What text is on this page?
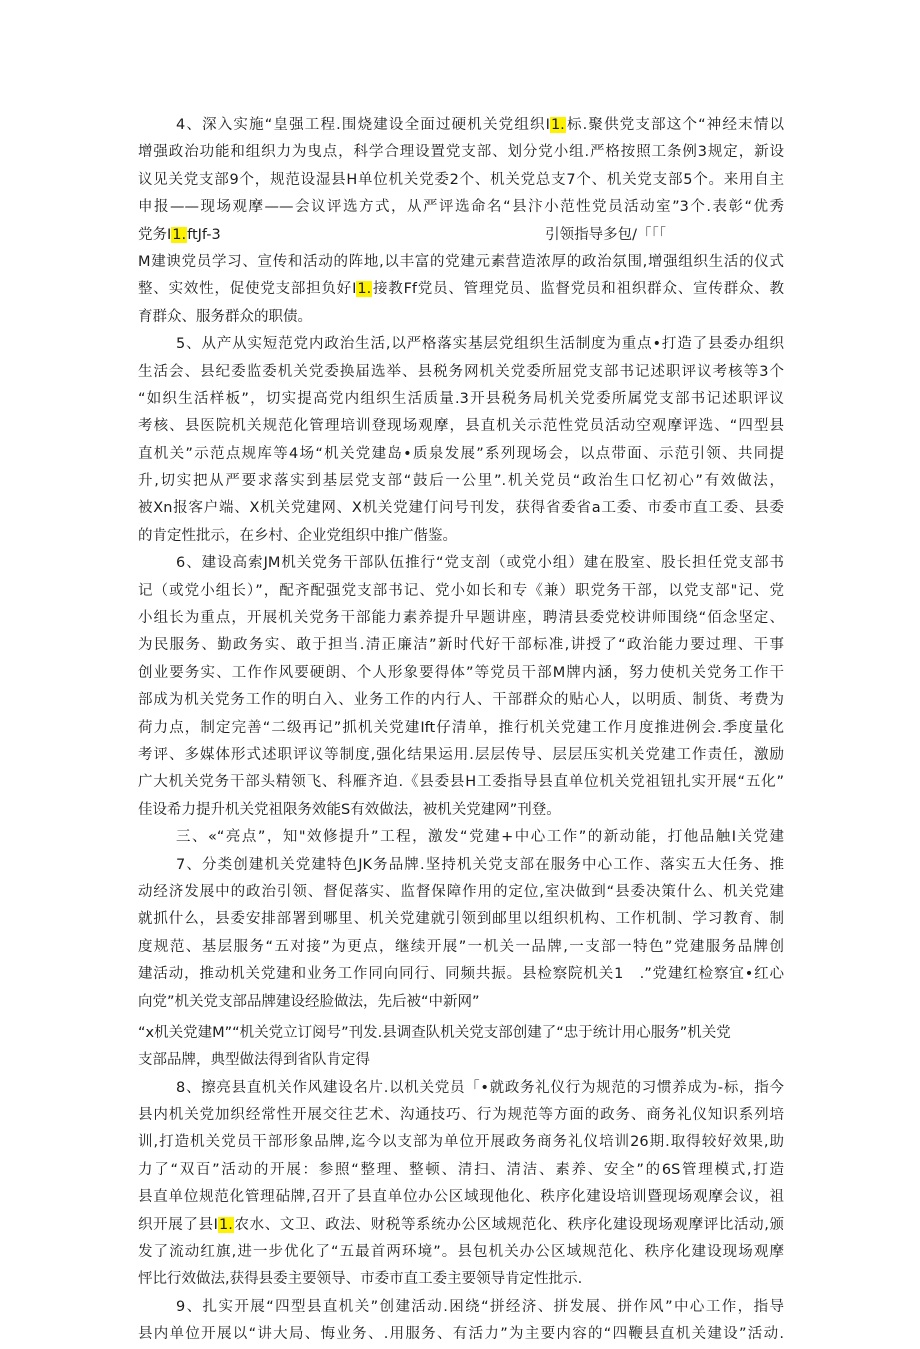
4、深入实施“皇强工程.围烧建设全面过硬机关党组织I1.标.聚供党支部这个“神经末情以
增强政治功能和组织力为曳点，科学合理设置党支部、划分党小组.严格按照工条例3规定，新设
议见关党支部9个，规范设湿县H单位机关党委2个、机关党总支7个、机关党支部5个。来用自主
申报——现场观摩——会议评选方式，从严评选命名“县汴小范性党员活动室”3个.表彰“优秀
党务I1.ftJf-3	引领指导多包/「「「
M建谀党员学习、宣传和活动的阵地,以丰富的党建元素营造浓厚的政治氛围,增强组织生活的仪式
整、实效性，促使党支部担负好I1.接教Ff党员、管理党员、监督党员和祖织群众、宣传群众、教
育群众、服务群众的职债。
5、从产从实短范党内政治生活,以严格落实基层党组织生活制度为重点•打造了县委办组织
生活会、县纪委监委机关党委换届选举、县税务网机关党委所屈党支部书记述职评议考核等3个
“如织生活样板”，切实提高党内组织生活质量.3开县税务局机关党委所属党支部书记述职评议
考核、县医院机关规范化管理培训登现场观摩，县直机关示范性党员活动空观摩评选、“四型县
直机关”示范点规库等4场“机关党建岛•质泉发展”系列现场会，以点带面、示范引领、共同提
升,切实把从严要求落实到基层党支部“鼓后一公里”.机关党员“政治生口忆初心”有效做法，
被Xn报客户端、X机关党建网、X机关党建仃问号刊发，获得省委省a工委、市委市直工委、县委
的肯定性批示，在乡村、企业党组织中推广偕鉴。
6、建设高索JM机关党务干部队伍推行“党支剖（或党小组）建在股室、股长担任党支部书
记（或党小组长）”，配齐配强党支部书记、党小如长和专《兼）职党务干部，以党支部"记、党
小组长为重点，开展机关党务干部能力素养提升早题讲座，聘清县委党校讲师围绕“佰念坚定、
为民服务、勤政务实、敢于担当.清正廉洁”新时代好干部标准,讲授了“政治能力要过理、干事
创业要务实、工作作风要硬朗、个人形象要得体”等党员干部M牌内涵，努力使机关党务工作干
部成为机关党务工作的明白入、业务工作的内行人、干部群众的贴心人，以明质、制货、考费为
荷力点，制定完善“二级再记”抓机关党建Ift仔清单，推行机关党建工作月度推进例会.季度量化
考评、多媒体形式述职评议等制度,强化结果运用.层层传导、层层压实机关党建工作责任，激励
广大机关党务干部头精领飞、科雁齐迫.《县委县H工委指导县直单位机关党祖钮扎实开展“五化”
佳设希力提升机关党祖限务效能S有效做法，被机关党建网”刊登。
三、«“亮点”，知"效修提升”工程，激发“党建+中心工作”的新动能，打他品触I关党建
7、分类创建机关党建特色JK务品牌.坚持机关党支部在服务中心工作、落实五大任务、推
动经济发展中的政治引领、督促落实、监督保障作用的定位,室决做到“县委决策什么、机关党建
就抓什么，县委安排部署到哪里、机关党建就引领到邮里以组织机构、工作机制、学习教育、制
度规范、基层服务“五对接”为更点，继续开展”一机关一品牌,一支部一特色”党建服务品牌创
建活动，推动机关党建和业务工作同向同行、同频共振。县检察院机关1　.”党建红检察宜•红心
向党”机关党支部品牌建设经脸做法，先后被“中新网”
“x机关党建M”“机关党立订阅号”刊发.县调查队机关党支部创建了“忠于统计用心服务”机关党
支部品牌，典型做法得到省队肯定得
8、擦亮县直机关作风建设名片.以机关党员「•就政务礼仪行为规范的习惯养成为-标，指今
县内机关党加织经常性开展交往艺术、沟通技巧、行为规范等方面的政务、商务礼仪知识系列培
训,打造机关党员干部形象品牌,迄今以支部为单位开展政务商务礼仪培训26期.取得较好效果,助
力了“双百”活动的开展：参照“整理、整顿、清扫、清洁、素养、安全”的6S管理模式,打造
县直单位规范化管理砧牌,召开了县直单位办公区域现他化、秩序化建设培训暨现场观摩会议，祖
织开展了县I1.农水、文卫、政法、财税等系统办公区域规范化、秩序化建设现场观摩评比活动,颁
发了流动红旗,进一步优化了“五最首两环境”。县包机关办公区域规范化、秩序化建设现场观摩
怦比行效做法,获得县委主要领导、市委市直工委主要领导肯定性批示.
9、扎实开展“四型县直机关”创建活动.困绕“拼经济、拼发展、拼作风”中心工作，指导
县内单位开展以“讲大局、悔业务、.用服务、有活力”为主要内容的“四鞭县直机关建设”活动.
